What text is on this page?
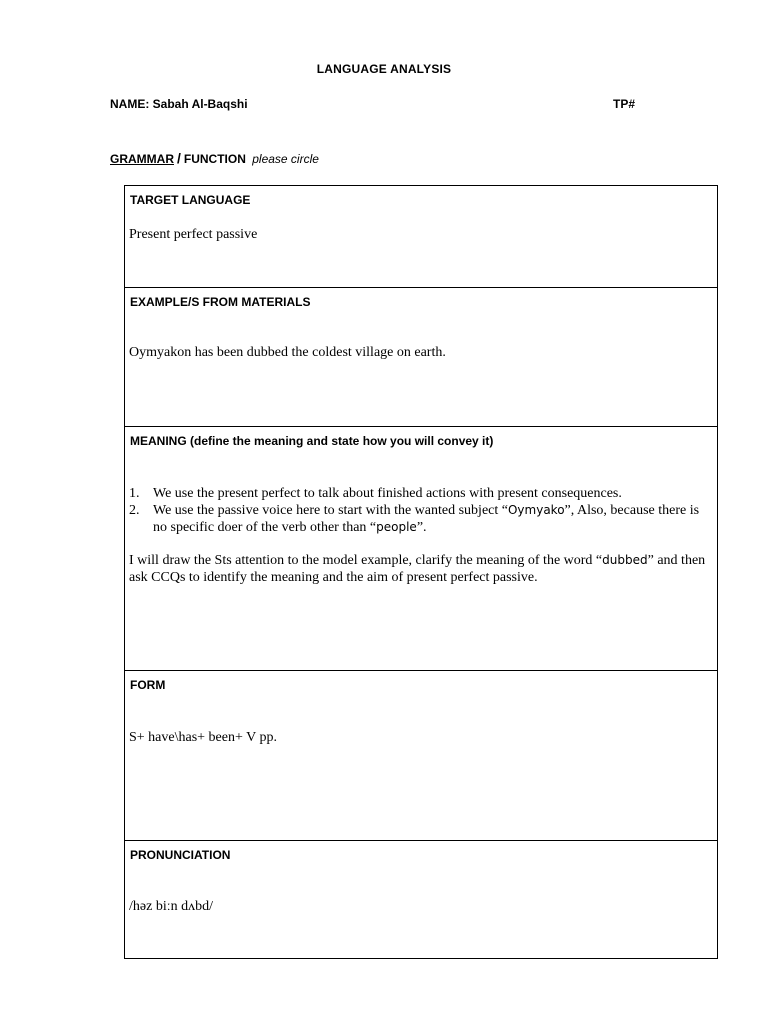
LANGUAGE ANALYSIS
NAME: Sabah Al-Baqshi	TP#
GRAMMAR / FUNCTION please circle
TARGET LANGUAGE
Present perfect passive
EXAMPLE/S FROM MATERIALS
Oymyakon has been dubbed the coldest village on earth.
MEANING (define the meaning and state how you will convey it)
1. We use the present perfect to talk about finished actions with present consequences.
2. We use the passive voice here to start with the wanted subject “Oymyako”, Also, because there is no specific doer of the verb other than “people”.
I will draw the Sts attention to the model example, clarify the meaning of the word “dubbed” and then ask CCQs to identify the meaning and the aim of present perfect passive.
FORM
S+ have\has+ been+ V pp.
PRONUNCIATION
/həz biːn dʌbd/
